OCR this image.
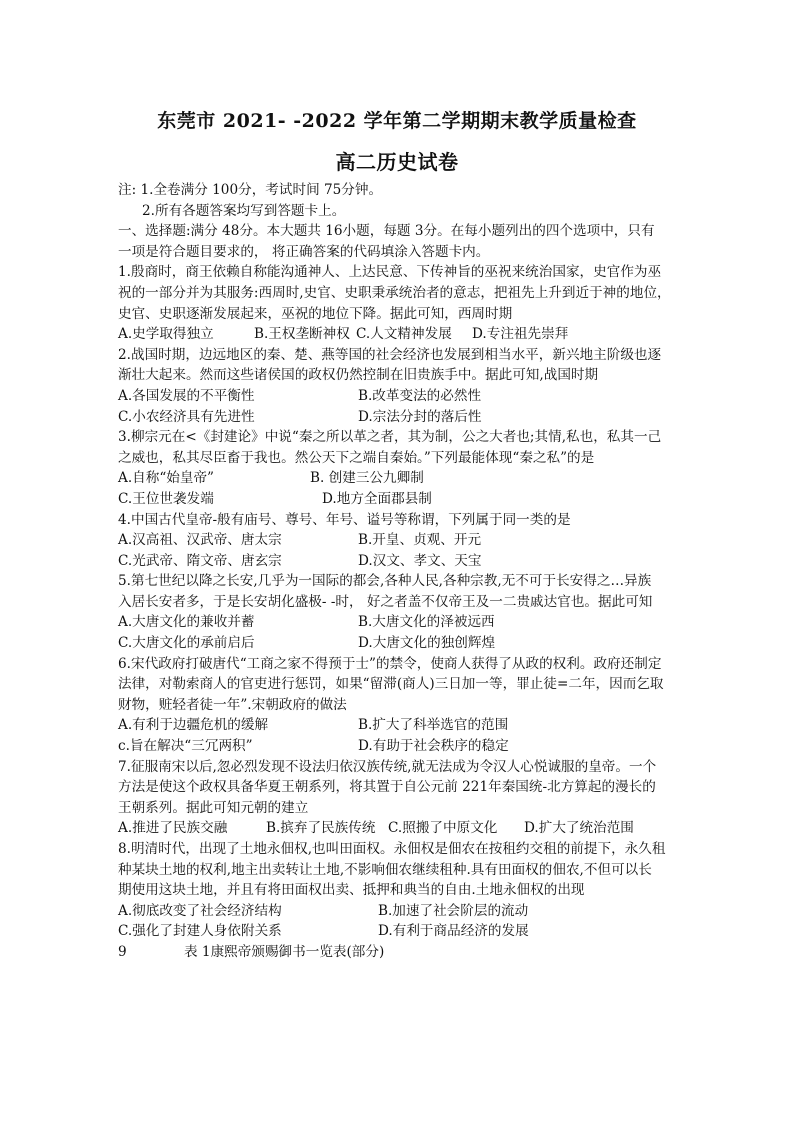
东莞市 2021- -2022 学年第二学期期末教学质量检查
高二历史试卷
注: 1.全卷满分 100分，考试时间 75分钟。
2.所有各题答案均写到答题卡上。
一、选择题:满分 48分。本大题共 16小题，每题 3分。在每小题列出的四个选项中，只有
一项是符合题目要求的， 将正确答案的代码填涂入答题卡内。
1.殷商时，商王依赖自称能沟通神人、上达民意、下传神旨的巫祝来统治国家，史官作为巫
祝的一部分并为其服务:西周时,史官、史职秉承统治者的意志，把祖先上升到近于神的地位，
史官、史职逐渐发展起来，巫祝的地位下降。据此可知，西周时期
A.史学取得独立	B.王权垄断神权 C.人文精神发展 D.专注祖先崇拜
2.战国时期，边远地区的秦、楚、燕等国的社会经济也发展到相当水平，新兴地主阶级也逐
渐壮大起来。然而这些诸侯国的政权仍然控制在旧贵族手中。据此可知,战国时期
A.各国发展的不平衡性	B.改革变法的必然性
C.小农经济具有先进性	D.宗法分封的落后性
3.柳宗元在<《封建论》中说“秦之所以革之者，其为制，公之大者也;其情,私也，私其一己
之威也，私其尽臣畜于我也。然公天下之端自秦始。”下列最能体现“秦之私”的是
A.自称“始皇帝”	B. 创建三公九卿制
C.王位世袭发端	D.地方全面郡县制
4.中国古代皇帝-般有庙号、尊号、年号、谥号等称谓，下列属于同一类的是
A.汉高祖、汉武帝、唐太宗	B.开皇、贞观、开元
C.光武帝、隋文帝、唐玄宗	D.汉文、孝文、天宝
5.第七世纪以降之长安,几乎为一国际的都会,各种人民,各种宗教,无不可于长安得之…异族
入居长安者多，于是长安胡化盛极- -时， 好之者盖不仅帝王及一二贵戚达官也。据此可知
A.大唐文化的兼收并蓄	B.大唐文化的泽被远西
C.大唐文化的承前启后	D.大唐文化的独创辉煌
6.宋代政府打破唐代“工商之家不得预于士”的禁令，使商人获得了从政的权利。政府还制定
法律，对勒索商人的官吏进行惩罚，如果“留滞(商人)三日加一等，罪止徒=二年，因而乞取
财物，赃轻者徒一年”.宋朝政府的做法
A.有利于边疆危机的缓解	B.扩大了科举选官的范围
c.旨在解决“三冗两积”	D.有助于社会秩序的稳定
7.征服南宋以后,忽必烈发现不设法归依汉族传统,就无法成为令汉人心悦诚服的皇帝。一个
方法是使这个政权具备华夏王朝系列，将其置于自公元前 221年秦国统-北方算起的漫长的
王朝系列。据此可知元朝的建立
A.推进了民族交融	B.摈弃了民族传统 C.照搬了中原文化 D.扩大了统治范围
8.明清时代，出现了土地永佃权,也叫田面权。永佃权是佃农在按租约交租的前提下，永久租
种某块土地的权利,地主出卖转让土地,不影响佃农继续租种.具有田面权的佃农,不但可以长
期使用这块土地，并且有将田面权出卖、抵押和典当的自由.土地永佃权的出现
A.彻底改变了社会经济结构	B.加速了社会阶层的流动
C.强化了封建人身依附关系	D.有利于商品经济的发展
9	表 1康熙帝颁赐御书一览表(部分)
